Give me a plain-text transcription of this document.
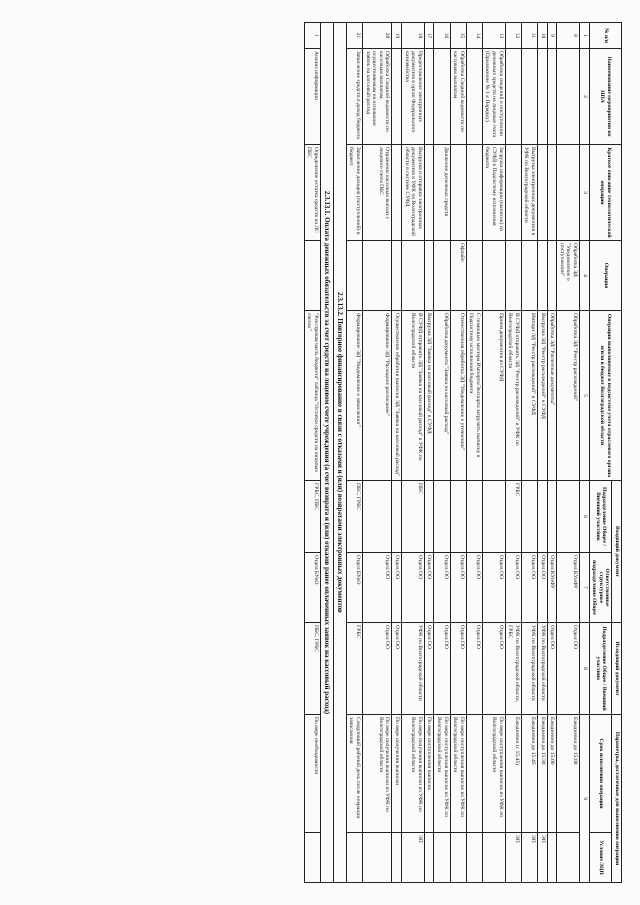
№ п/п	Наименование мероприятия по НПА	Краткое описание технологической операции	Операция	Операции выполняемые в подсистеме учета отраслевого органа и/или в бюджет Волгоградской области	Входящий документ		Исходящий документ	Параметры, достаточные для выполнения операции	
					Подразделение Общее / Внешний участник	Ответственное структурное подразделение Общее	Подразделение Общее / Внешний участник	Срок исполнения операции	Условие ЭЦП
1	2	3	4	5	6	7	8	9	
8			Обработка ЭД "Уведомление о поступлении"	Обработка ЭД "Реестр расхождений"		Отдел КУиФУ	Отдел ОО	Ежедневно до 15:00	
9				Обработка ЭД "Расчетные документы"		Отдел КУиФУ	Отдел ОО	Ежедневно до 15:00	
10				Выгрузка ЭД "Реестр расхождений" в СУФД		Отдел ОО	УФК по Волгоградской области	Ежедневно до 15:30	ЭП
11		Выгрузка электронных документов в УФК по Волгоградской области		Импорт ЭД "Реестр расхождений" в СУФД		Отдел ОО	УФК по Волгоградской области	Ежедневно до 15:45	ЭП
12				В СУФД отправить ЭД "Реестр расхождений" в УФК по Волгоградской области	ГРБС	Отдел ОО	УФК по Волгоградской области, ГРБС	Ежедневно (с 15:45)	ЭП
13	Обработка сведений о поступлении денежных средств на лицевые счета (Приложение № 1 к Порядку)	Загрузка информации (выписок) из СУФД в Подсистему исполнения бюджета		Прием документов из СУФД		Отдел ОО	Отдел ОО	По мере поступления выписок из УФК по Волгоградской области	
14				С помощью мастера Импорта/Экспорта загрузить выписку в Подсистему исполнения бюджета		Отдел ОО	Отдел ОО		
15	Обработка Сводной ведомости по кассовым выплатам		Офлайн	Отечественная обработка ЭД "Уведомление о уточнении"		Отдел ОО	Отдел ОО	По мере поступления выписок из УФК по Волгоградской области	
16		Движение денежных средств		Обработка документа "Заявка на кассовый расход"		Отдел ОО	Отдел ОО	По мере поступления выписок из УФК по Волгоградской области	
17				Выгрузка ЭД "Заявка на кассовый расход" в СУФД		Отдел ОО	Отдел ОО	По мере поступления выписок	
18	Предоставление электронных документов в орган Федерального казначейства	Выгрузка и отправка электронных документов в УФК по Волгоградской области в системе СУФД		В СУФД отправить ЭД "Заявка на кассовый расход" в УФК по Волгоградской области	ПБС	Отдел ОО	УФК по Волгоградской области	По мере получения выписки из УФК по Волгоградской области	ЭП
19				Осуществление обработки выписки ЭД "Заявка на кассовый расход"		Отдел ОО	Отдел ОО	По мере получения выписки	
20	Обработка Сводной ведомости по кассовым выплатам, осуществляемым на основании заявок на кассовый расход	Отражение кассовых выплат с лицевого счета ПБС		Формирование ЭД "Расходное расписание"		Отдел ОО	Отдел ОО	По мере получения выписки из УФК по Волгоградской области	
21	Зачисление средств в доход бюджета	Зачисление доходов (поступлений) в бюджет		Формирование ЭД "Уведомление о зачислении"	ПБС, ГРБС	Отдел БУиО	ГРБС	Следующий рабочий день после операции зачисления	
2.3.13.2. Повторное финансирование в связи с отказами и (или) возвратами электронных документов									
2.3.13.1. Оплата денежных обязательств за счет средств на лицевом счете учреждения (а счет возврата и (или) отказов ранее оплаченных заявок на кассовый расход)									
1	Анализ информации	Определение остатка средств на ЛС ПБС		"Реестровая часть бюджета" таблица "Остатки средств на лицевых счетах"	ГРБС, ПБС	Отдел БУиО	ПБС, ГРБС	По мере необходимости	
